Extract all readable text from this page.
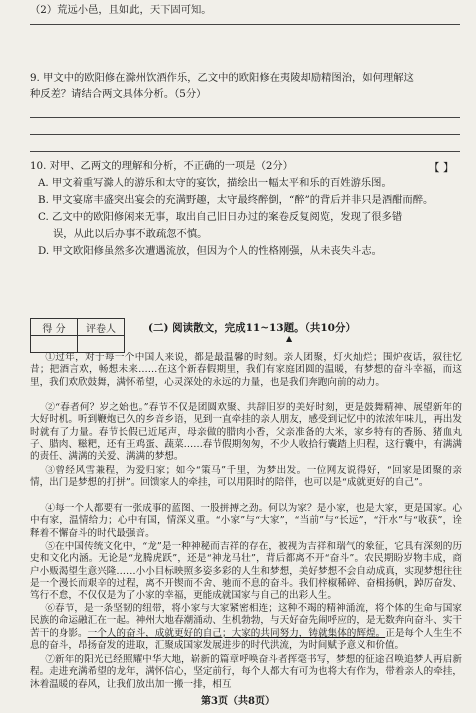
（2）荒远小邑，且如此，天下固可知。
9. 甲文中的欧阳修在滁州饮酒作乐，乙文中的欧阳修在夷陵却励精图治，如何理解这
种反差？请结合两文具体分析。（5分）
10. 对甲、乙两文的理解和分析，不正确的一项是（2分）	【 】
A. 甲文着重写滁人的游乐和太守的宴饮，描绘出一幅太平和乐的百姓游乐图。
B. 甲文宴席丰盛突出宴会的充满野趣，太守最终醉倒，“醉”的背后并非只是酒酣而醉。
C. 乙文中的欧阳修闲来无事，取出自己旧日办过的案卷反复阅览，发现了很多错
误，从此以后办事不敢疏忽不慎。
D. 甲文欧阳修虽然多次遭遇流放，但因为个人的性格刚强，从未丧失斗志。
得 分	评卷人
		(二) 阅读散文，完成11~13题。（共10分）
▲
①过年，对于每一个中国人来说，都是最温馨的时刻。亲人团聚，灯火灿烂；围炉夜话，叙往忆昔；把酒言欢，畅想未来……在这个新春假期里，我们有家庭团圆的温暖，有梦想的奋斗幸福，而这里，我们欢欣鼓舞，满怀希望，心灵深处的永远的力量，也是我们奔跑向前的动力。
②“春者何？岁之始也。”春节不仅是团圆欢聚、共辞旧岁的美好时刻，更是鼓舞精神、展望新年的大好时机。听到鞭炮已久的乡音乡语，见到一直牵挂的亲人朋友，感受到记忆中的浓浓年味儿，再出发时就有了力量。春节长假已近尾声，母亲做的腊肉小香，父亲准备的大米，家乡特有的香肠、猪血丸子、腊肉、糍粑，还有王鸡蛋、蔬菜……春节假期匆匆，不少人收拾行囊踏上归程，这行囊中，有满满的责任、满满的关爱、满满的梦想。
③曾经风雪兼程，为爱归家；如今“策马”千里，为梦出发。一位网友说得好，“回家是团聚的亲情，出门是梦想的打拼”。回馈家人的牵挂，可以用阳时的陪伴，也可以是“成就更好的自己”。
④每一个人都要有一张成事的蓝图、一股拼搏之劲。何以为家？是小家，也是大家，更是国家。心中有家，温情给力；心中有国，情深义重。“小家”与“大家”，“当前”与“长远”，“汗水”与“收获”，诠释着不懈奋斗的时代最强音。
⑤在中国传统文化中，“龙”是一种神秘而吉祥的存在，被视为吉祥和瑞气的象征，它具有深刻的历史和文化内涵。无论是“龙腾虎跃”，还是“神龙马壮”，背后都离不开“奋斗”。农民期盼岁物丰成，商户小贩渴望生意兴隆……小小目标映照多姿多彩的人生和梦想，美好梦想不会自动成真，实现梦想往往是一个漫长而艰辛的过程，离不开锲而不舍、驰而不息的奋斗。我们梓椒稀碎、奋楫扬帆，踔厉奋发、笃行不怠，不仅仅是为了小家的幸福，更能成就国家与自己的出彩人生。
⑥春节，是一条坚韧的纽带，将小家与大家紧密相连；这种不竭的精神涌流，将个体的生命与国家民族的命运融汇在一起。神州大地春潮涌动、生机勃勃，与天好奋先闹呼应的，是无数奔向奋斗、实干苦干的身影。一个人的奋斗，成就更好的自己；大家的共同努力，铸就集体的辉煌。正是每个人生生不息的奋斗，昂扬奋发的进取，汇聚成国家发展进步的时代洪流，为时间赋予意义和价值。
⑦新年的阳光已经照耀中华大地，崭新的篇章呼唤奋斗者挥毫书写，梦想的征途召唤追梦人再启新程。走进充满希望的龙年，满怀信心，坚定前行，每个人都大有可为也将大有作为，带着亲人的牵挂，沐着温暖的春风，让我们放出加一搬一排，相互
第3页（共8页）
